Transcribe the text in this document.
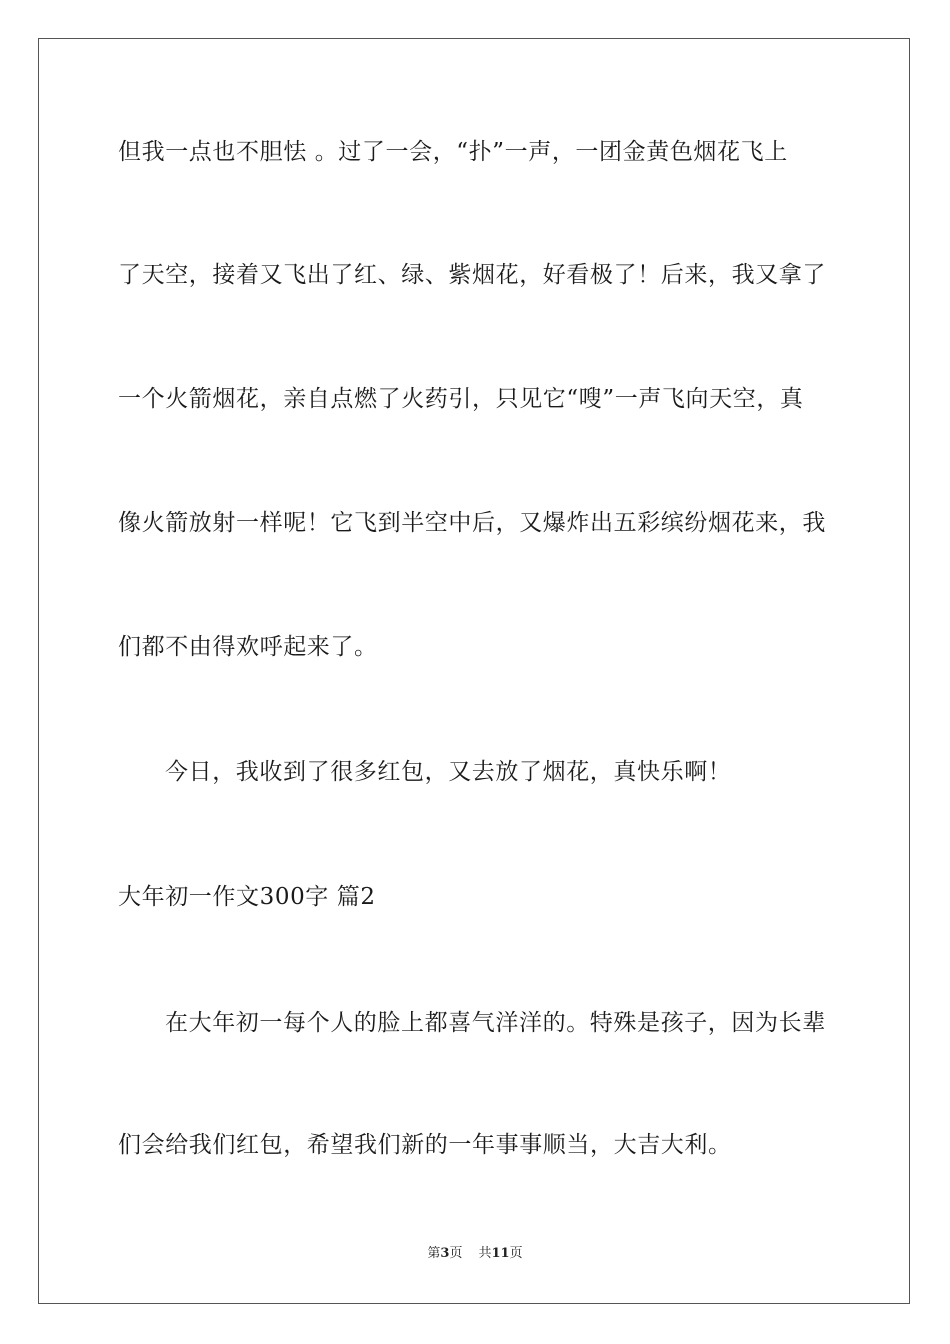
但我一点也不胆怯 。过了一会，“扑”一声，一团金黄色烟花飞上
了天空，接着又飞出了红、绿、紫烟花，好看极了！后来，我又拿了
一个火箭烟花，亲自点燃了火药引，只见它“嗖”一声飞向天空，真
像火箭放射一样呢！它飞到半空中后，又爆炸出五彩缤纷烟花来，我
们都不由得欢呼起来了。
今日，我收到了很多红包，又去放了烟花，真快乐啊！
大年初一作文300字 篇2
在大年初一每个人的脸上都喜气洋洋的。特殊是孩子，因为长辈
们会给我们红包，希望我们新的一年事事顺当，大吉大利。
第3页 共11页
